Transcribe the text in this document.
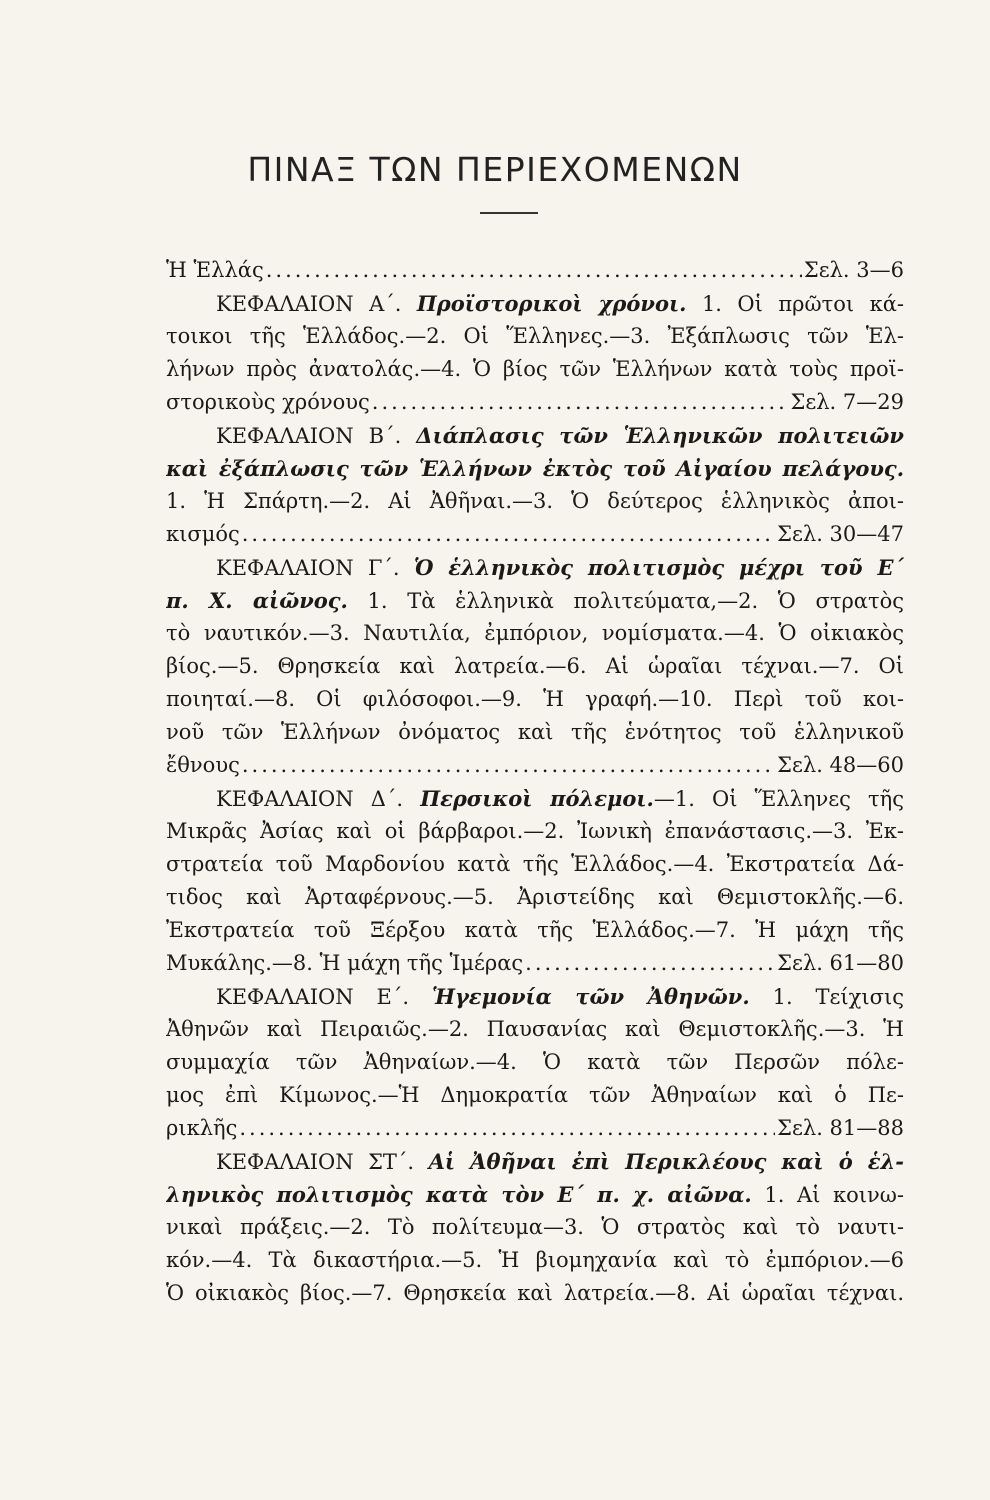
ΠΙΝΑΞ ΤΩΝ ΠΕΡΙΕΧΟΜΕΝΩΝ
Ἡ Ἑλλάς .....	Σελ. 3—6
ΚΕΦΑΛΑΙΟΝ Α΄. Προϊστορικοὶ χρόνοι. 1. Οἱ πρῶτοι κά-
τοικοι τῆς Ἑλλάδος.—2. Οἱ Ἕλληνες.—3. Ἐξάπλωσις τῶν Ἑλ-
λήνων πρὸς ἀνατολάς.—4. Ὁ βίος τῶν Ἑλλήνων κατὰ τοὺς προϊ-
στορικοὺς χρόνους .....	Σελ. 7—29
ΚΕΦΑΛΑΙΟΝ Β΄. Διάπλασις τῶν Ἑλληνικῶν πολιτειῶν
καὶ ἐξάπλωσις τῶν Ἑλλήνων ἐκτὸς τοῦ Αἰγαίου πελάγους.
1. Ἡ Σπάρτη.—2. Αἱ Ἀθῆναι.—3. Ὁ δεύτερος ἑλληνικὸς ἀποι-
κισμός .....	Σελ. 30—47
ΚΕΦΑΛΑΙΟΝ Γ΄. Ὁ ἑλληνικὸς πολιτισμὸς μέχρι τοῦ Ε΄
π. Χ. αἰῶνος. 1. Τὰ ἑλληνικὰ πολιτεύματα,—2. Ὁ στρατὸς
τὸ ναυτικόν.—3. Ναυτιλία, ἐμπόριον, νομίσματα.—4. Ὁ οἰκιακὸς
βίος.—5. Θρησκεία καὶ λατρεία.—6. Αἱ ὡραῖαι τέχναι.—7. Οἱ
ποιηταί.—8. Οἱ φιλόσοφοι.—9. Ἡ γραφή.—10. Περὶ τοῦ κοι-
νοῦ τῶν Ἑλλήνων ὀνόματος καὶ τῆς ἑνότητος τοῦ ἑλληνικοῦ
ἔθνους .....	Σελ. 48—60
ΚΕΦΑΛΑΙΟΝ Δ΄. Περσικοὶ πόλεμοι.—1. Οἱ Ἕλληνες τῆς
Μικρᾶς Ἀσίας καὶ οἱ βάρβαροι.—2. Ἰωνικὴ ἐπανάστασις.—3. Ἐκ-
στρατεία τοῦ Μαρδονίου κατὰ τῆς Ἑλλάδος.—4. Ἐκστρατεία Δά-
τιδος καὶ Ἀρταφέρνους.—5. Ἀριστείδης καὶ Θεμιστοκλῆς.—6.
Ἐκστρατεία τοῦ Ξέρξου κατὰ τῆς Ἑλλάδος.—7. Ἡ μάχη τῆς
Μυκάλης.—8. Ἡ μάχη τῆς Ἱμέρας .....	Σελ. 61—80
ΚΕΦΑΛΑΙΟΝ Ε΄. Ἡγεμονία τῶν Ἀθηνῶν. 1. Τείχισις
Ἀθηνῶν καὶ Πειραιῶς.—2. Παυσανίας καὶ Θεμιστοκλῆς.—3. Ἡ
συμμαχία τῶν Ἀθηναίων.—4. Ὁ κατὰ τῶν Περσῶν πόλε-
μος ἐπὶ Κίμωνος.—Ἡ Δημοκρατία τῶν Ἀθηναίων καὶ ὁ Πε-
ρικλῆς .....	Σελ. 81—88
ΚΕΦΑΛΑΙΟΝ ΣΤ΄. Αἱ Ἀθῆναι ἐπὶ Περικλέους καὶ ὁ ἑλ-
ληνικὸς πολιτισμὸς κατὰ τὸν Ε΄ π. χ. αἰῶνα. 1. Αἱ κοινω-
νικαὶ πράξεις.—2. Τὸ πολίτευμα—3. Ὁ στρατὸς καὶ τὸ ναυτι-
κόν.—4. Τὰ δικαστήρια.—5. Ἡ βιομηχανία καὶ τὸ ἐμπόριον.—6
Ὁ οἰκιακὸς βίος.—7. Θρησκεία καὶ λατρεία.—8. Αἱ ὡραῖαι τέχναι.
